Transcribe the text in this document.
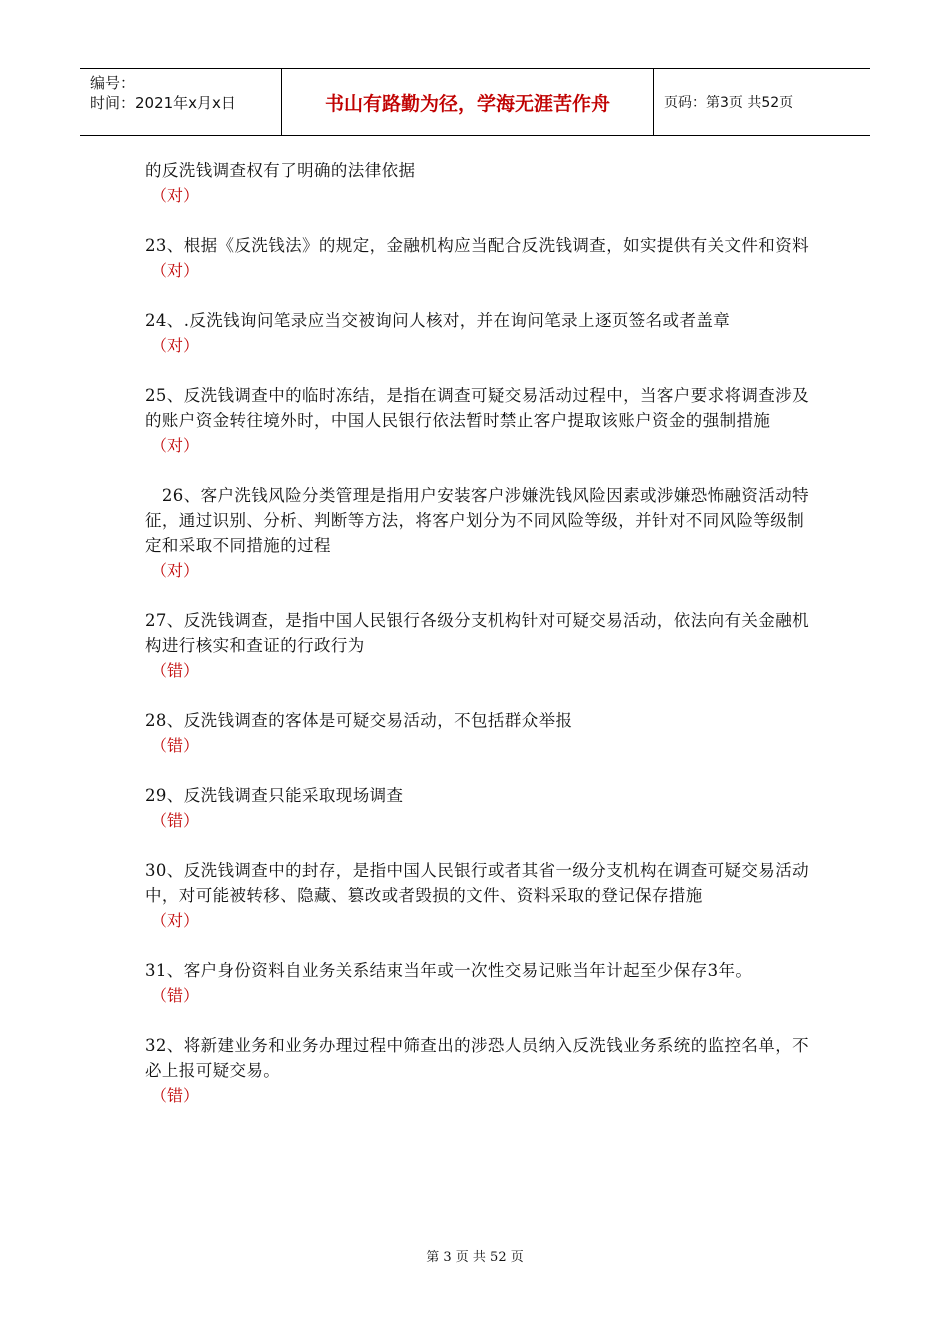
编号：
时间：2021年x月x日	书山有路勤为径，学海无涯苦作舟	页码：第3页 共52页

的反洗钱调查权有了明确的法律依据

（对）

23、根据《反洗钱法》的规定，金融机构应当配合反洗钱调查，如实提供有关文件和资料

（对）

24、.反洗钱询问笔录应当交被询问人核对，并在询问笔录上逐页签名或者盖章

（对）

25、反洗钱调查中的临时冻结，是指在调查可疑交易活动过程中，当客户要求将调查涉及的账户资金转往境外时，中国人民银行依法暂时禁止客户提取该账户资金的强制措施

（对）

　26、客户洗钱风险分类管理是指用户安装客户涉嫌洗钱风险因素或涉嫌恐怖融资活动特征，通过识别、分析、判断等方法，将客户划分为不同风险等级，并针对不同风险等级制定和采取不同措施的过程

（对）

27、反洗钱调查，是指中国人民银行各级分支机构针对可疑交易活动，依法向有关金融机构进行核实和查证的行政行为

（错）

28、反洗钱调查的客体是可疑交易活动，不包括群众举报

（错）

29、反洗钱调查只能采取现场调查

（错）

30、反洗钱调查中的封存，是指中国人民银行或者其省一级分支机构在调查可疑交易活动中，对可能被转移、隐藏、篡改或者毁损的文件、资料采取的登记保存措施

（对）

31、客户身份资料自业务关系结束当年或一次性交易记账当年计起至少保存3年。

（错）

32、将新建业务和业务办理过程中筛查出的涉恐人员纳入反洗钱业务系统的监控名单，不必上报可疑交易。

（错）

第 3 页 共 52 页
